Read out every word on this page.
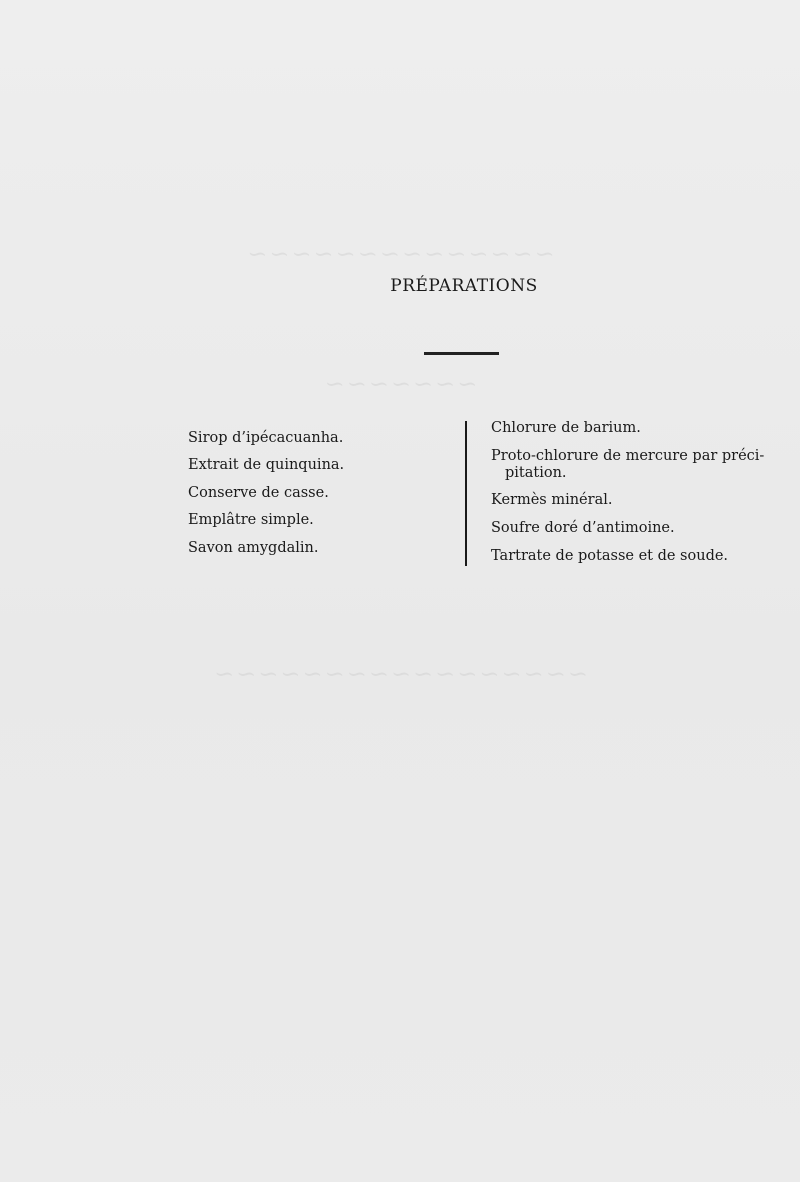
~~~~~~~~~~~~~~
~~~~~~~
~~~~~~~~~~~~~~~~~
PRÉPARATIONS
Sirop d’ipécacuanha.
Extrait de quinquina.
Conserve de casse.
Emplâtre simple.
Savon amygdalin.
Chlorure de barium.
Proto-chlorure de mercure par préci-pitation.
Kermès minéral.
Soufre doré d’antimoine.
Tartrate de potasse et de soude.
